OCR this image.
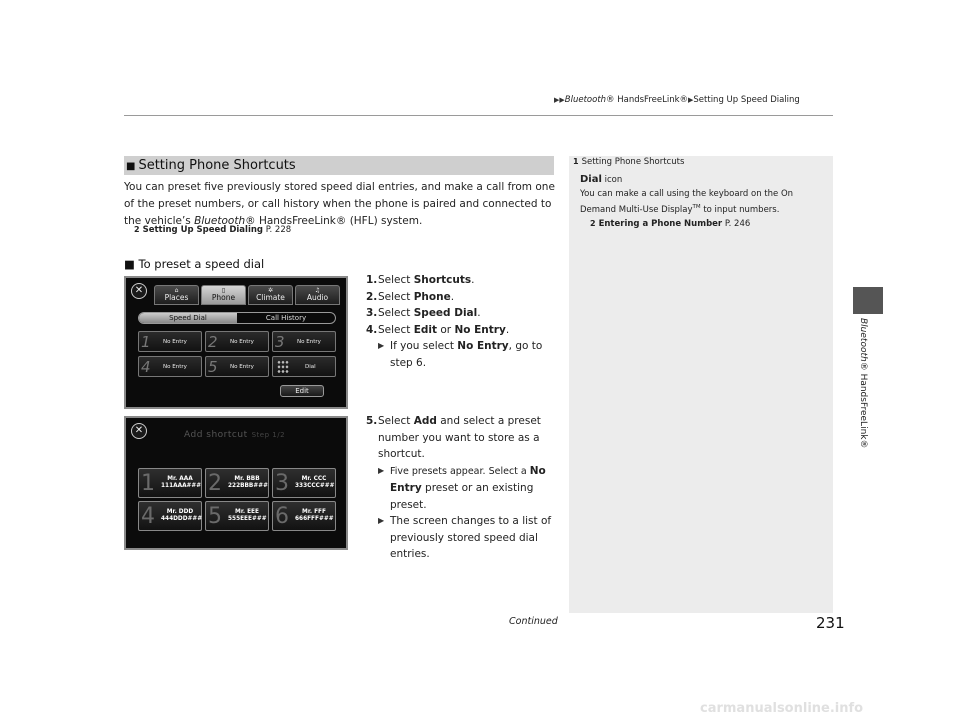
▶▶Bluetooth® HandsFreeLink®▶Setting Up Speed Dialing
Bluetooth® HandsFreeLink®
■ Setting Phone Shortcuts
You can preset five previously stored speed dial entries, and make a call from one of the preset numbers, or call history when the phone is paired and connected to the vehicle’s Bluetooth® HandsFreeLink® (HFL) system.
2 Setting Up Speed Dialing P. 228
■ To preset a speed dial
1. Select Shortcuts.
2. Select Phone.
3. Select Speed Dial.
4. Select Edit or No Entry.
▶ If you select No Entry, go to step 6.
5. Select Add and select a preset number you want to store as a shortcut.
▶ Five presets appear. Select a No Entry preset or an existing preset.
▶ The screen changes to a list of previously stored speed dial entries.
✕	⌂
Places
▯
Phone
✲
Climate
♫
Audio
Speed Dial	Call History
1 No Entry 2 No Entry 3 No Entry
4 No Entry 5 No Entry	Dial
Edit
✕	Add shortcut Step 1/2
1	Mr. AAA
111AAA### 2	Mr. BBB
222BBB### 3	Mr. CCC
333CCC###
4	Mr. DDD
444DDD### 5	Mr. EEE
555EEE### 6	Mr. FFF
666FFF###
1 Setting Phone Shortcuts
Dial icon
You can make a call using the keyboard on the On Demand Multi-Use Display™ to input numbers.
2 Entering a Phone Number P. 246
Continued	231
carmanualsonline.info
